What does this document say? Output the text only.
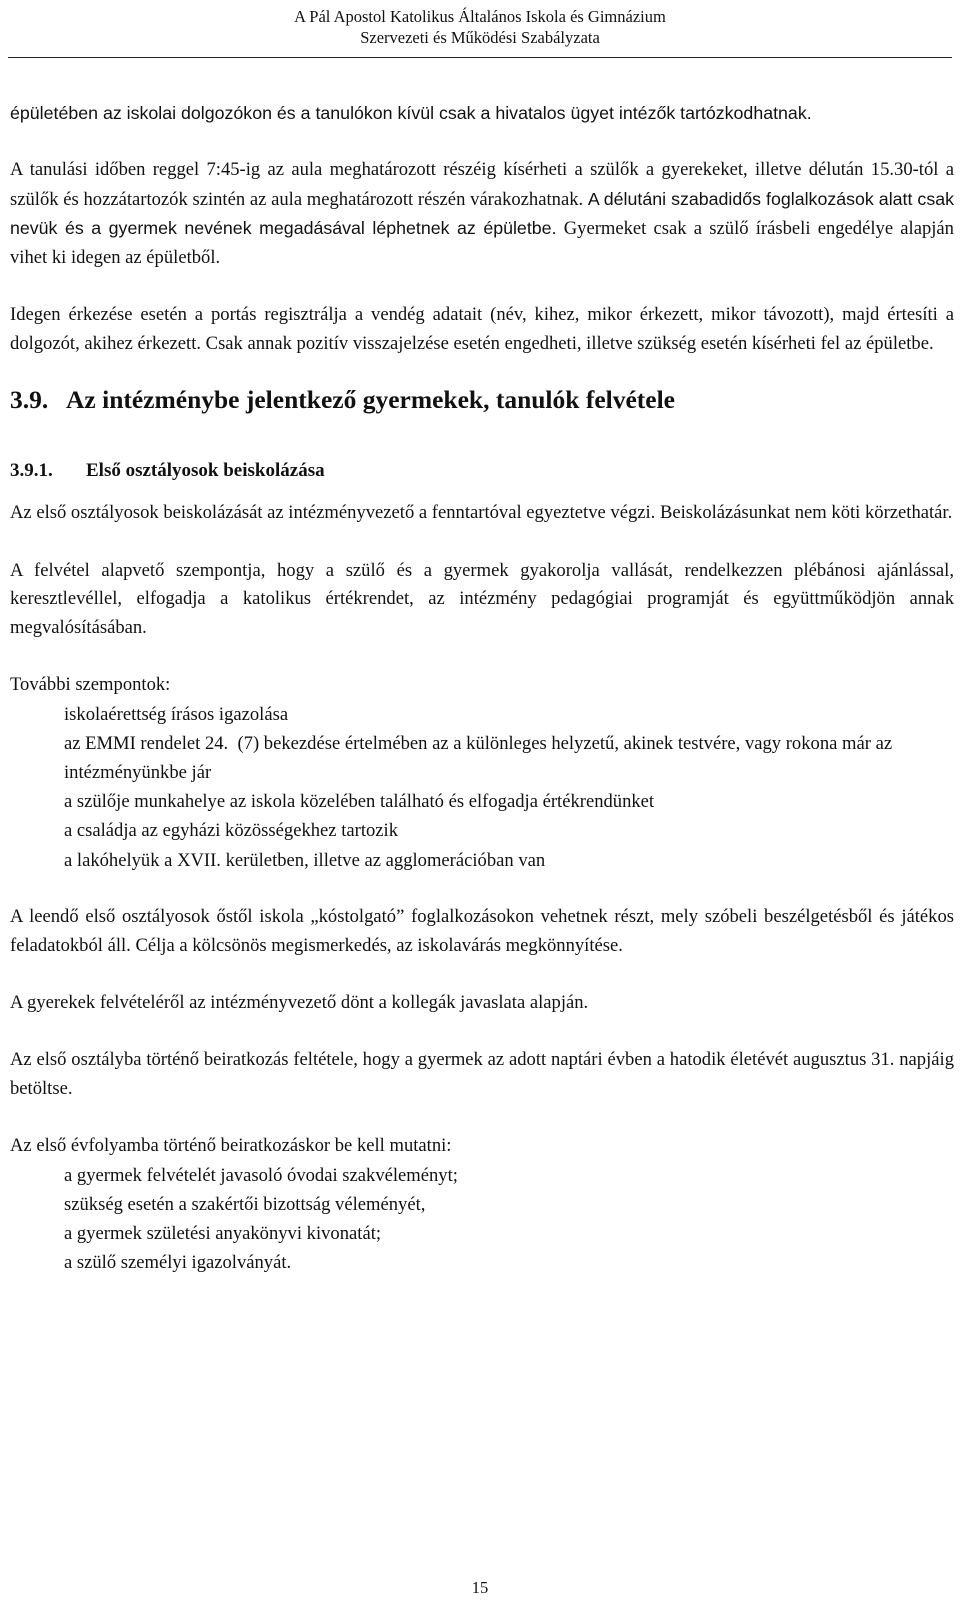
A Pál Apostol Katolikus Általános Iskola és Gimnázium
Szervezeti és Működési Szabályzata

épületében az iskolai dolgozókon és a tanulókon kívül csak a hivatalos ügyet intézők tartózkodhatnak.

A tanulási időben reggel 7:45-ig az aula meghatározott részéig kísérheti a szülők a gyerekeket, illetve délután 15.30-tól a szülők és hozzátartozók szintén az aula meghatározott részén várakozhatnak. A délutáni szabadidős foglalkozások alatt csak nevük és a gyermek nevének megadásával léphetnek az épületbe. Gyermeket csak a szülő írásbeli engedélye alapján vihet ki idegen az épületből.

Idegen érkezése esetén a portás regisztrálja a vendég adatait (név, kihez, mikor érkezett, mikor távozott), majd értesíti a dolgozót, akihez érkezett. Csak annak pozitív visszajelzése esetén engedheti, illetve szükség esetén kísérheti fel az épületbe.

3.9. Az intézménybe jelentkező gyermekek, tanulók felvétele
3.9.1. Első osztályosok beiskolázása

Az első osztályosok beiskolázását az intézményvezető a fenntartóval egyeztetve végzi. Beiskolázásunkat nem köti körzethatár.

A felvétel alapvető szempontja, hogy a szülő és a gyermek gyakorolja vallását, rendelkezzen plébánosi ajánlással, keresztlevéllel, elfogadja a katolikus értékrendet, az intézmény pedagógiai programját és együttműködjön annak megvalósításában.

További szempontok:

iskolaérettség írásos igazolása
az EMMI rendelet 24.  (7) bekezdése értelmében az a különleges helyzetű, akinek testvére, vagy rokona már az intézményünkbe jár
a szülője munkahelye az iskola közelében található és elfogadja értékrendünket
a családja az egyházi közösségekhez tartozik
a lakóhelyük a XVII. kerületben, illetve az agglomerációban van

A leendő első osztályosok őstől iskola „kóstolgató” foglalkozásokon vehetnek részt, mely szóbeli beszélgetésből és játékos feladatokból áll. Célja a kölcsönös megismerkedés, az iskolavárás megkönnyítése.

A gyerekek felvételéről az intézményvezető dönt a kollegák javaslata alapján.

Az első osztályba történő beiratkozás feltétele, hogy a gyermek az adott naptári évben a hatodik életévét augusztus 31. napjáig betöltse.

Az első évfolyamba történő beiratkozáskor be kell mutatni:

a gyermek felvételét javasoló óvodai szakvéleményt;
szükség esetén a szakértői bizottság véleményét,
a gyermek születési anyakönyvi kivonatát;
a szülő személyi igazolványát.
15
